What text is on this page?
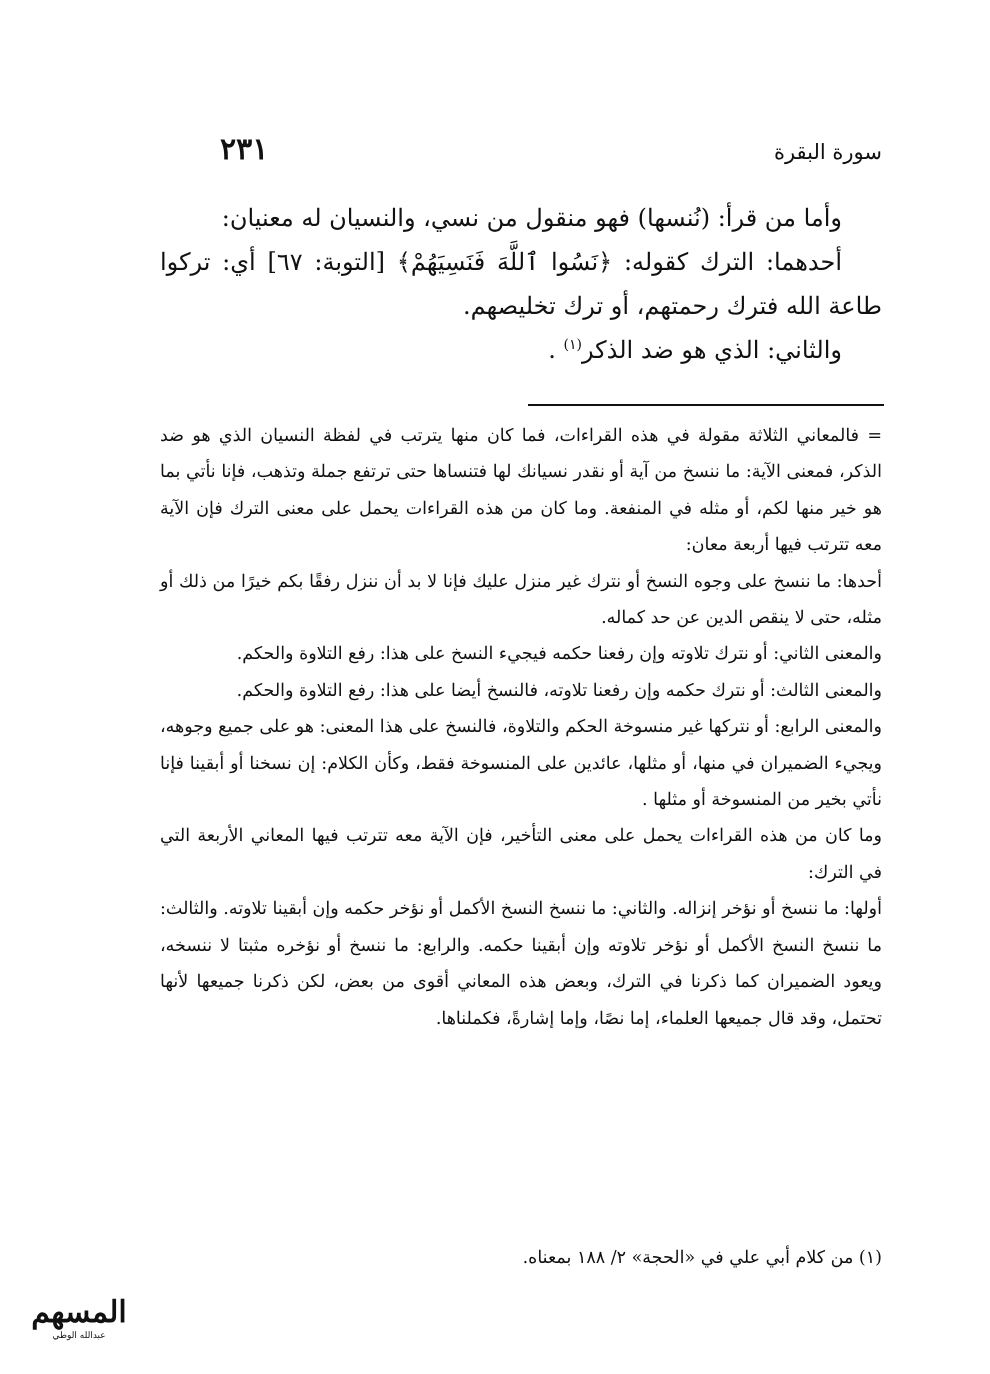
سورة البقرة
٢٣١

وأما من قرأ: (نُنسها) فهو منقول من نسي، والنسيان له معنيان:

أحدهما: الترك كقوله: ﴿نَسُوا ٱللَّهَ فَنَسِيَهُمْ﴾ [التوبة: ٦٧] أي: تركوا طاعة الله فترك رحمتهم، أو ترك تخليصهم.

والثاني: الذي هو ضد الذكر$^{(١)}$ .

= فالمعاني الثلاثة مقولة في هذه القراءات، فما كان منها يترتب في لفظة النسيان الذي هو ضد الذكر، فمعنى الآية: ما ننسخ من آية أو نقدر نسيانك لها فتنساها حتى ترتفع جملة وتذهب، فإنا نأتي بما هو خير منها لكم، أو مثله في المنفعة. وما كان من هذه القراءات يحمل على معنى الترك فإن الآية معه تترتب فيها أربعة معان:

أحدها: ما ننسخ على وجوه النسخ أو نترك غير منزل عليك فإنا لا بد أن ننزل رفقًا بكم خيرًا من ذلك أو مثله، حتى لا ينقص الدين عن حد كماله.

والمعنى الثاني: أو نترك تلاوته وإن رفعنا حكمه فيجيء النسخ على هذا: رفع التلاوة والحكم.

والمعنى الثالث: أو نترك حكمه وإن رفعنا تلاوته، فالنسخ أيضا على هذا: رفع التلاوة والحكم.

والمعنى الرابع: أو نتركها غير منسوخة الحكم والتلاوة، فالنسخ على هذا المعنى: هو على جميع وجوهه، ويجيء الضميران في منها، أو مثلها، عائدين على المنسوخة فقط، وكأن الكلام: إن نسخنا أو أبقينا فإنا نأتي بخير من المنسوخة أو مثلها .

وما كان من هذه القراءات يحمل على معنى التأخير، فإن الآية معه تترتب فيها المعاني الأربعة التي في الترك:

أولها: ما ننسخ أو نؤخر إنزاله. والثاني: ما ننسخ النسخ الأكمل أو نؤخر حكمه وإن أبقينا تلاوته. والثالث: ما ننسخ النسخ الأكمل أو نؤخر تلاوته وإن أبقينا حكمه. والرابع: ما ننسخ أو نؤخره مثبتا لا ننسخه، ويعود الضميران كما ذكرنا في الترك، وبعض هذه المعاني أقوى من بعض، لكن ذكرنا جميعها لأنها تحتمل، وقد قال جميعها العلماء، إما نصًا، وإما إشارةً، فكملناها.

(١) من كلام أبي علي في «الحجة» ٢/ ١٨٨ بمعناه.
المسهم
عبدالله الوطي
